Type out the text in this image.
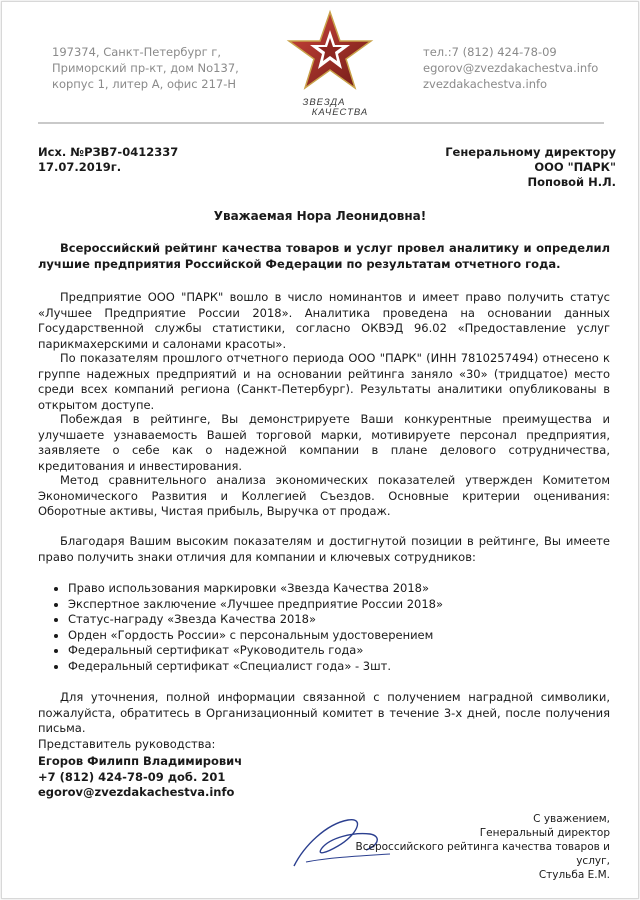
197374, Санкт-Петербург г,
Приморский пр-кт, дом No137,
корпус 1, литер А, офис 217-Н
ЗВЕЗДА
КАЧЕСТВА
тел.:7 (812) 424-78-09
egorov@zvezdakachestva.info
zvezdakachestva.info
Исх. №РЗВ7-0412337
17.07.2019г.
Генеральному директору
ООО "ПАРК"
Поповой Н.Л.
Уважаемая Нора Леонидовна!
Всероссийский рейтинг качества товаров и услуг провел аналитику и определил лучшие предприятия Российской Федерации по результатам отчетного года.
Предприятие ООО "ПАРК" вошло в число номинантов и имеет право получить статус «Лучшее Предприятие России 2018». Аналитика проведена на основании данных Государственной службы статистики, согласно ОКВЭД 96.02 «Предоставление услуг парикмахерскими и салонами красоты».
По показателям прошлого отчетного периода ООО "ПАРК" (ИНН 7810257494) отнесено к группе надежных предприятий и на основании рейтинга заняло «30» (тридцатое) место среди всех компаний региона (Санкт-Петербург). Результаты аналитики опубликованы в открытом доступе.
Побеждая в рейтинге, Вы демонстрируете Ваши конкурентные преимущества и улучшаете узнаваемость Вашей торговой марки, мотивируете персонал предприятия, заявляете о себе как о надежной компании в плане делового сотрудничества, кредитования и инвестирования.
Метод сравнительного анализа экономических показателей утвержден Комитетом Экономического Развития и Коллегией Съездов. Основные критерии оценивания: Оборотные активы, Чистая прибыль, Выручка от продаж.
Благодаря Вашим высоким показателям и достигнутой позиции в рейтинге, Вы имеете право получить знаки отличия для компании и ключевых сотрудников:
• Право использования маркировки «Звезда Качества 2018»
• Экспертное заключение «Лучшее предприятие России 2018»
• Статус-награду «Звезда Качества 2018»
• Орден «Гордость России» с персональным удостоверением
• Федеральный сертификат «Руководитель года»
• Федеральный сертификат «Специалист года» - 3шт.
Для уточнения, полной информации связанной с получением наградной символики, пожалуйста, обратитесь в Организационный комитет в течение 3-х дней, после получения письма.
Представитель руководства:
Егоров Филипп Владимирович
+7 (812) 424-78-09 доб. 201
egorov@zvezdakachestva.info
С уважением,
Генеральный директор
Всероссийского рейтинга качества товаров и услуг,
Стульба Е.М.
